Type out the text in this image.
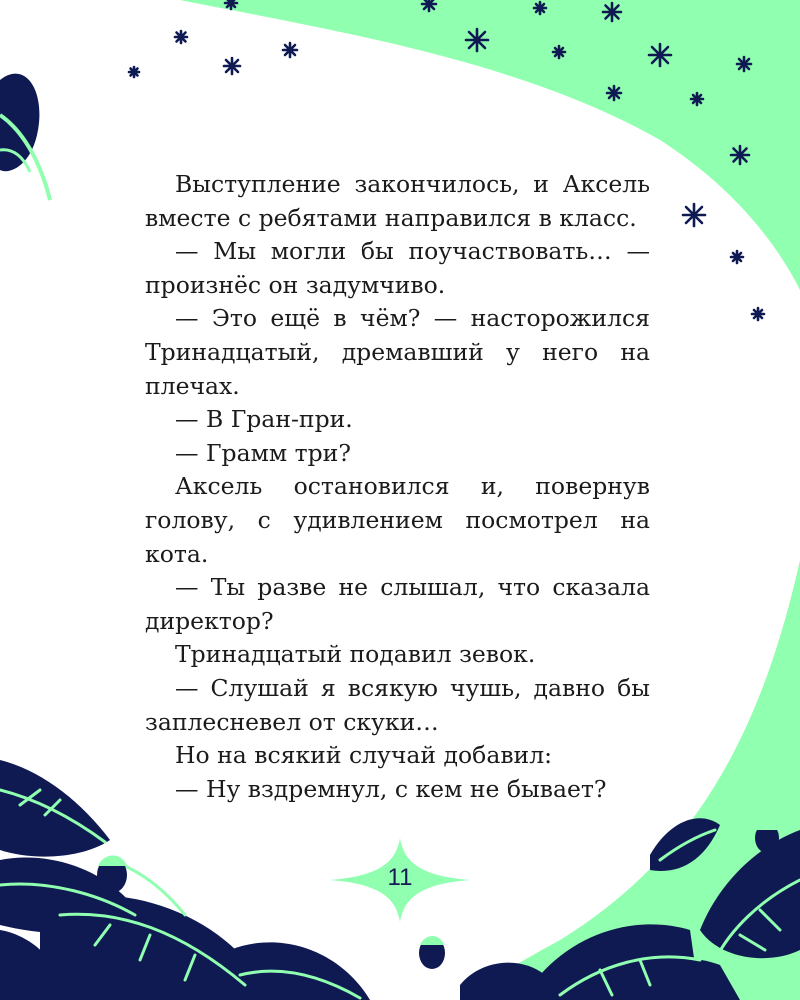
Выступление закончилось, и Аксель вместе с ребятами направился в класс.

— Мы могли бы поучаствовать… — произнёс он задумчиво.

— Это ещё в чём? — насторожился Тринадцатый, дремавший у него на плечах.

— В Гран-при.

— Грамм три?

Аксель остановился и, повернув голову, с удивлением посмотрел на кота.

— Ты разве не слышал, что сказала директор?

Тринадцатый подавил зевок.

— Слушай я всякую чушь, давно бы заплесневел от скуки…

Но на всякий случай добавил:

— Ну вздремнул, с кем не бывает?

11
